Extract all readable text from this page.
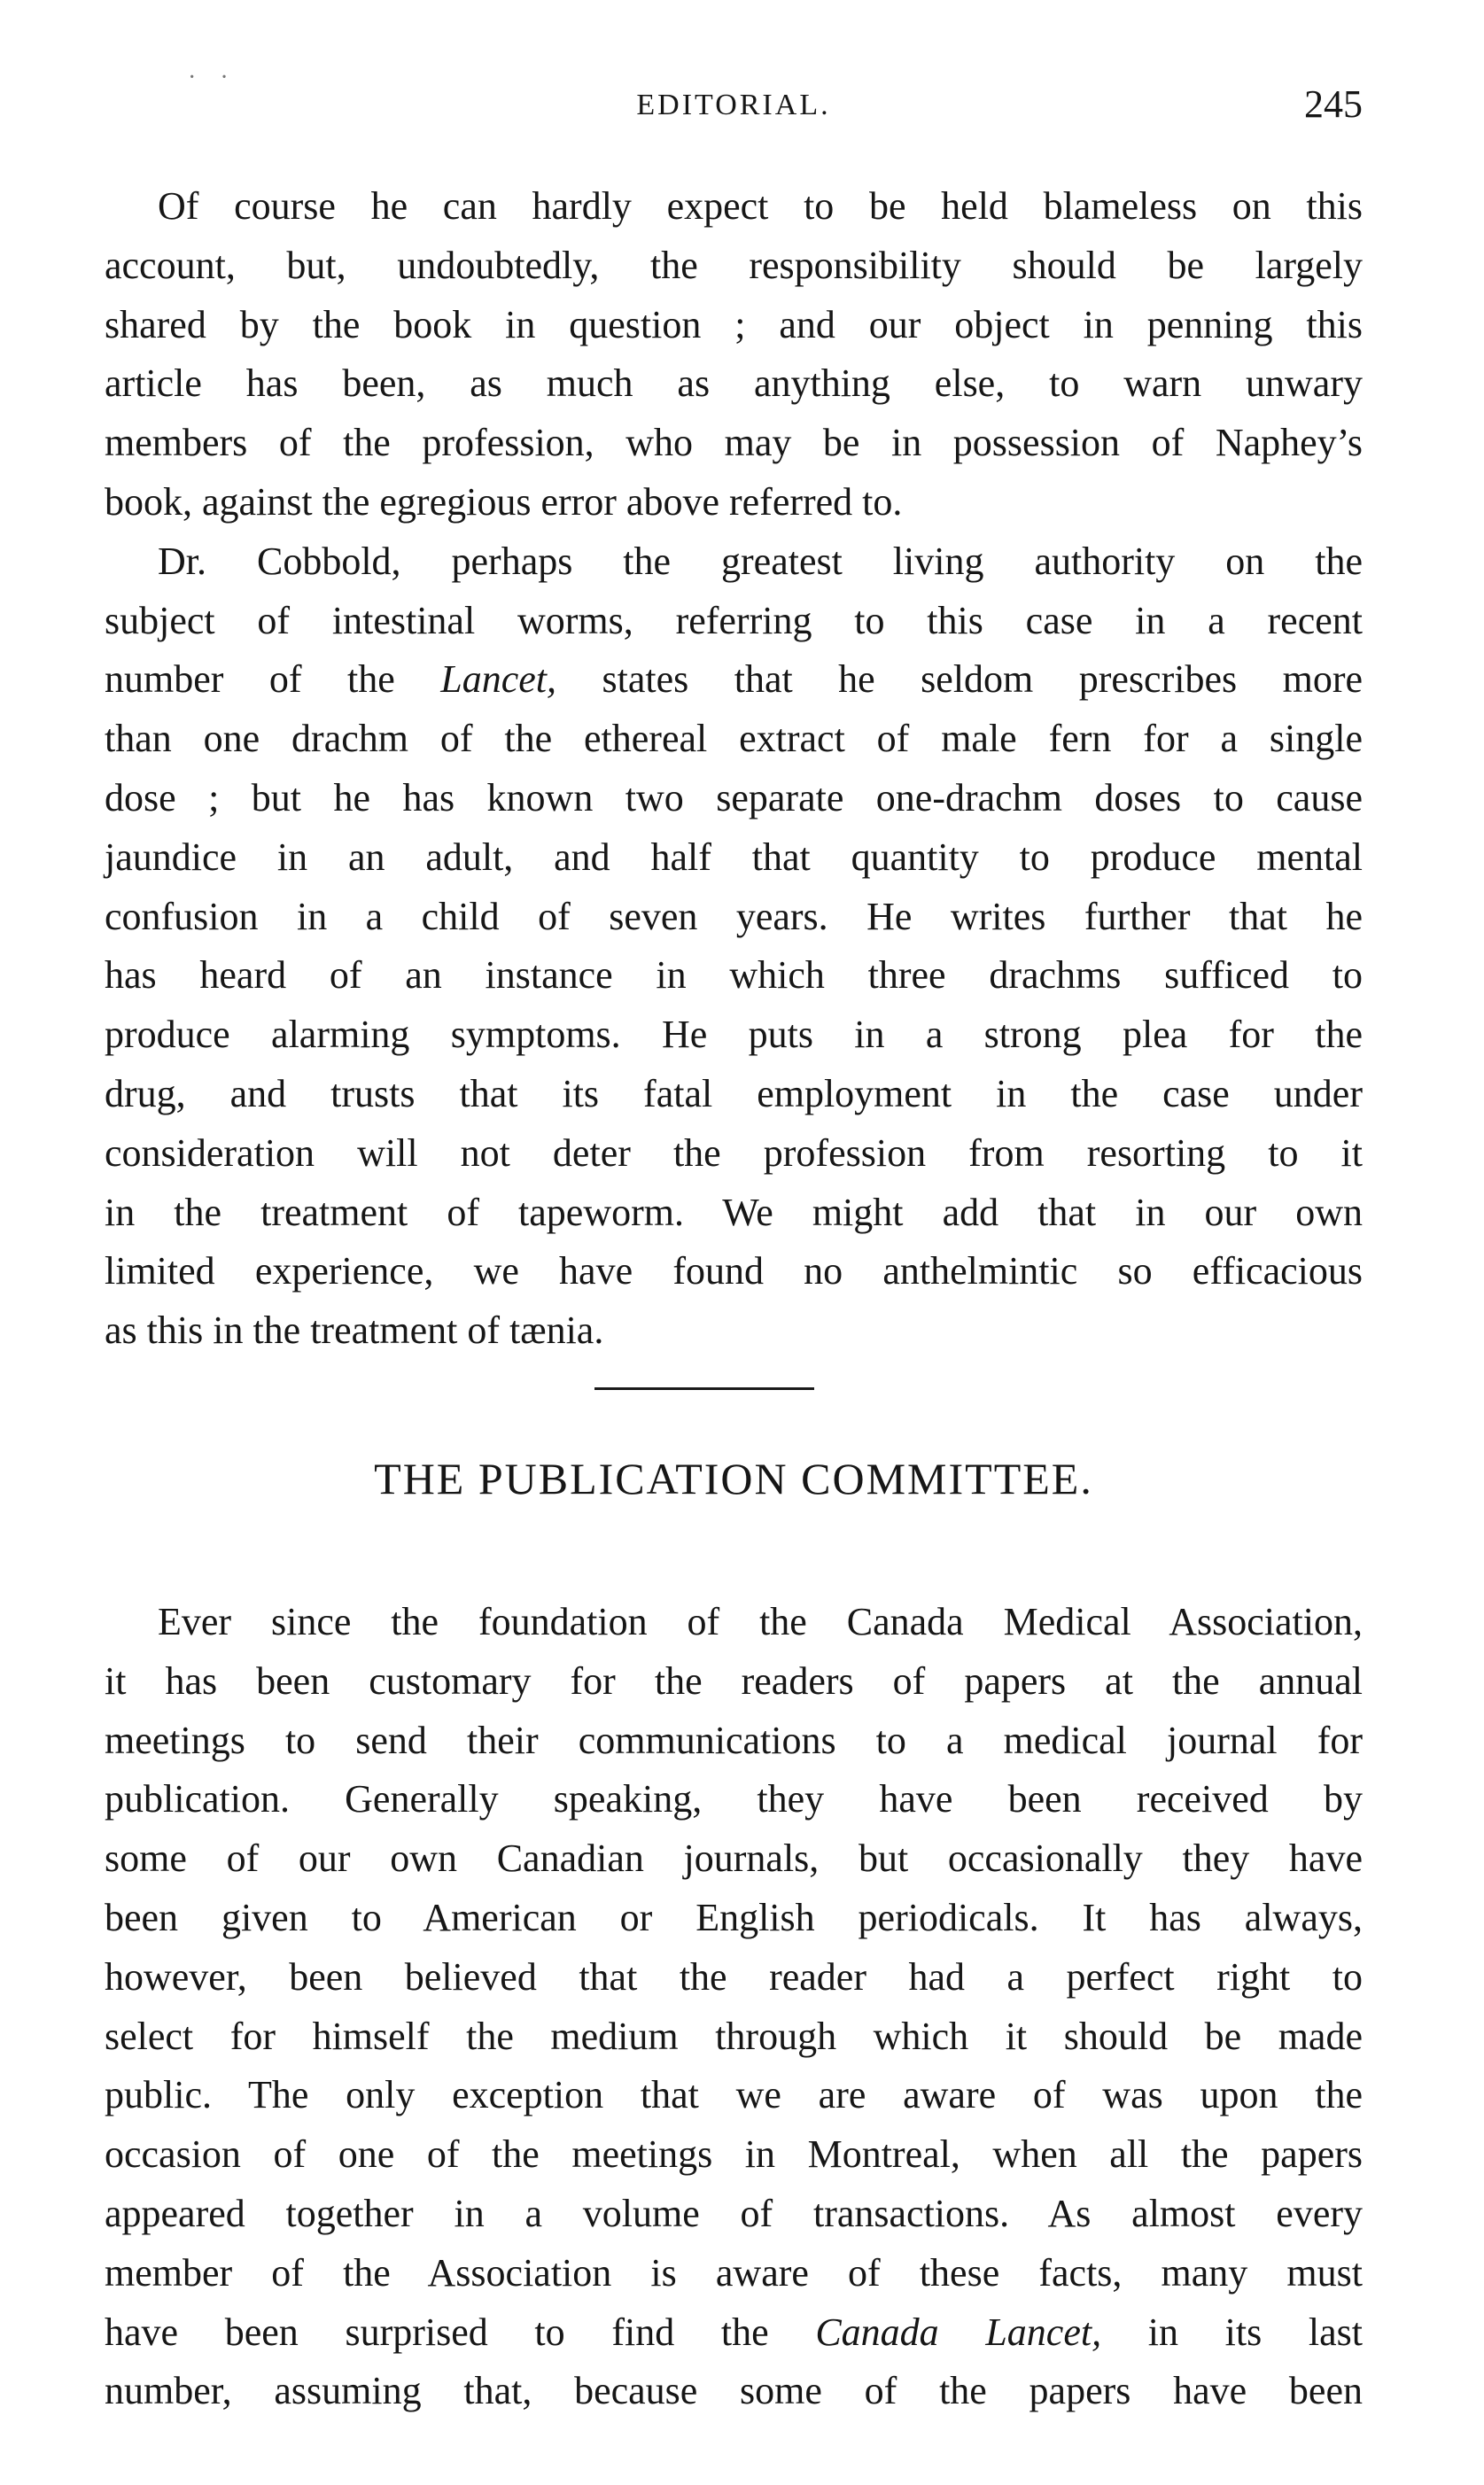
· ·
EDITORIAL.	245
Of course he can hardly expect to be held blameless on this
account, but, undoubtedly, the responsibility should be largely
shared by the book in question ; and our object in penning this
article has been, as much as anything else, to warn unwary
members of the profession, who may be in possession of Naphey’s
book, against the egregious error above referred to.
Dr. Cobbold, perhaps the greatest living authority on the
subject of intestinal worms, referring to this case in a recent
number of the Lancet, states that he seldom prescribes more
than one drachm of the ethereal extract of male fern for a single
dose ; but he has known two separate one-drachm doses to cause
jaundice in an adult, and half that quantity to produce mental
confusion in a child of seven years. He writes further that he
has heard of an instance in which three drachms sufficed to
produce alarming symptoms. He puts in a strong plea for the
drug, and trusts that its fatal employment in the case under
consideration will not deter the profession from resorting to it
in the treatment of tapeworm. We might add that in our own
limited experience, we have found no anthelmintic so efficacious
as this in the treatment of tænia.
THE PUBLICATION COMMITTEE.
Ever since the foundation of the Canada Medical Association,
it has been customary for the readers of papers at the annual
meetings to send their communications to a medical journal for
publication. Generally speaking, they have been received by
some of our own Canadian journals, but occasionally they have
been given to American or English periodicals. It has always,
however, been believed that the reader had a perfect right to
select for himself the medium through which it should be made
public. The only exception that we are aware of was upon the
occasion of one of the meetings in Montreal, when all the papers
appeared together in a volume of transactions. As almost every
member of the Association is aware of these facts, many must
have been surprised to find the Canada Lancet, in its last
number, assuming that, because some of the papers have been
